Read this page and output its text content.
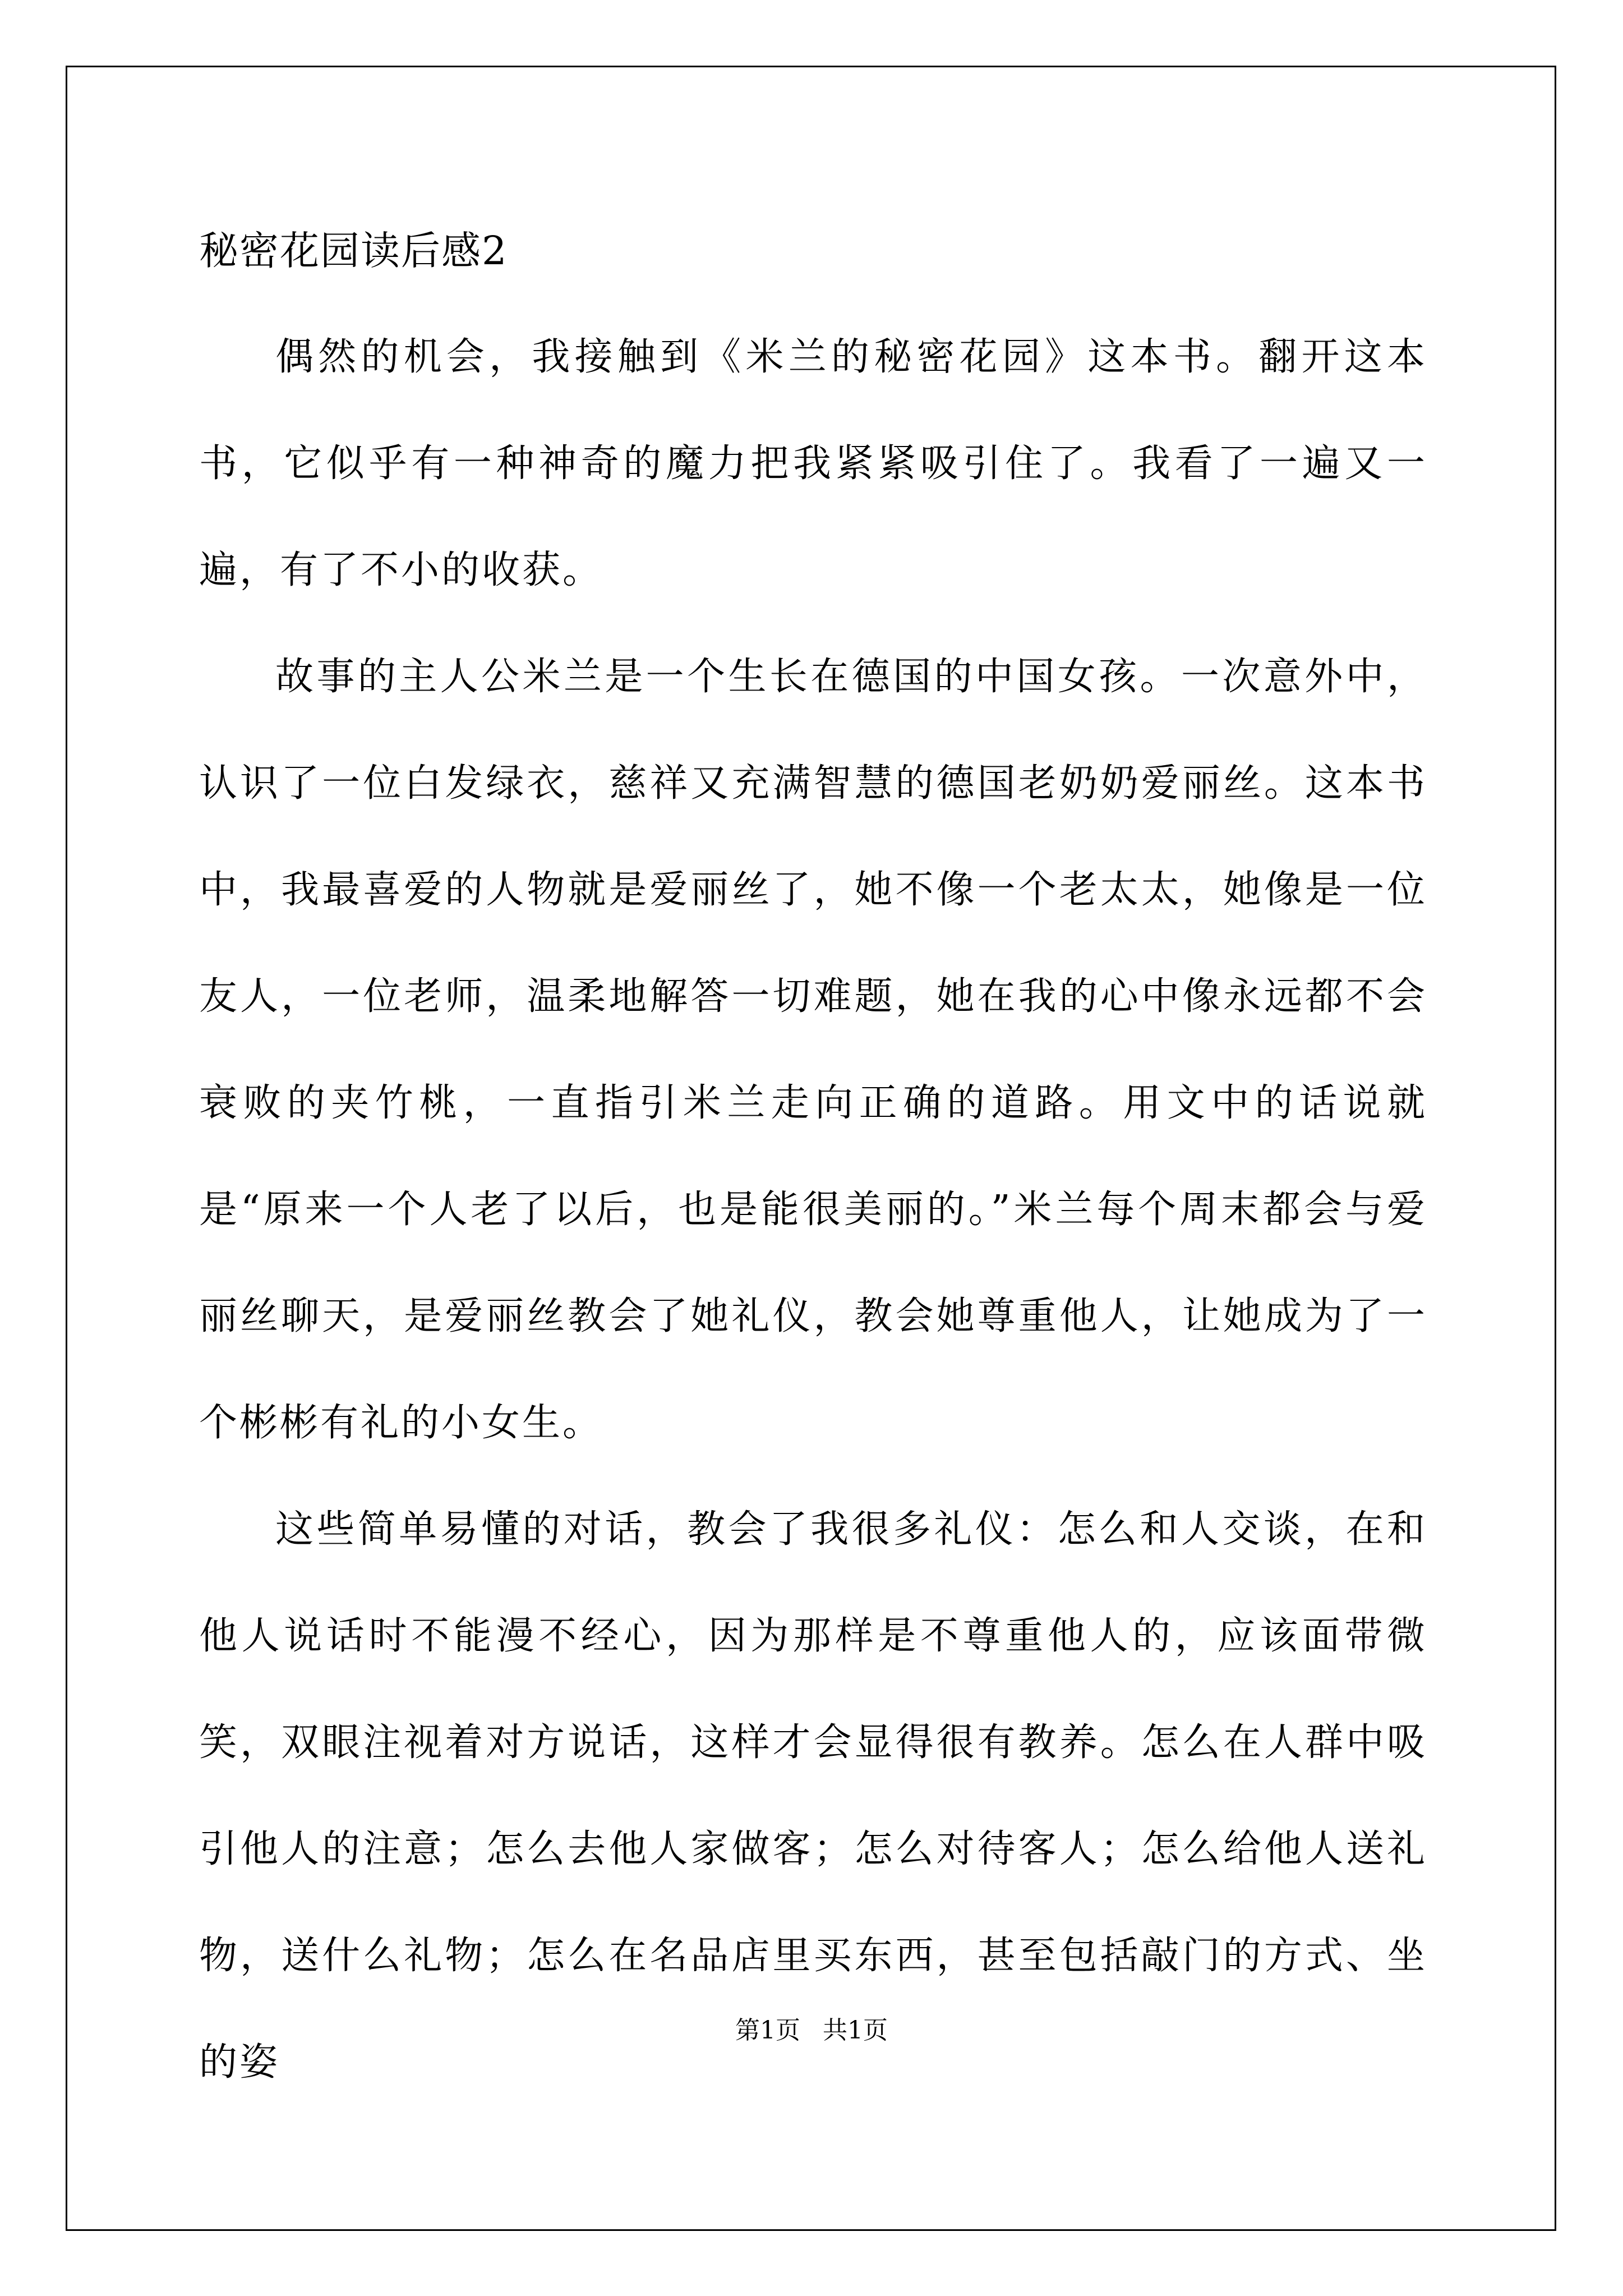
秘密花园读后感2

偶然的机会，我接触到《米兰的秘密花园》这本书。翻开这本书，它似乎有一种神奇的魔力把我紧紧吸引住了。我看了一遍又一遍，有了不小的收获。

故事的主人公米兰是一个生长在德国的中国女孩。一次意外中，认识了一位白发绿衣，慈祥又充满智慧的德国老奶奶爱丽丝。这本书中，我最喜爱的人物就是爱丽丝了，她不像一个老太太，她像是一位友人，一位老师，温柔地解答一切难题，她在我的心中像永远都不会衰败的夹竹桃，一直指引米兰走向正确的道路。用文中的话说就是“原来一个人老了以后，也是能很美丽的。”米兰每个周末都会与爱丽丝聊天，是爱丽丝教会了她礼仪，教会她尊重他人，让她成为了一个彬彬有礼的小女生。

这些简单易懂的对话，教会了我很多礼仪：怎么和人交谈，在和他人说话时不能漫不经心，因为那样是不尊重他人的，应该面带微笑，双眼注视着对方说话，这样才会显得很有教养。怎么在人群中吸引他人的注意；怎么去他人家做客；怎么对待客人；怎么给他人送礼物，送什么礼物；怎么在名品店里买东西，甚至包括敲门的方式、坐的姿

第1页 共1页
